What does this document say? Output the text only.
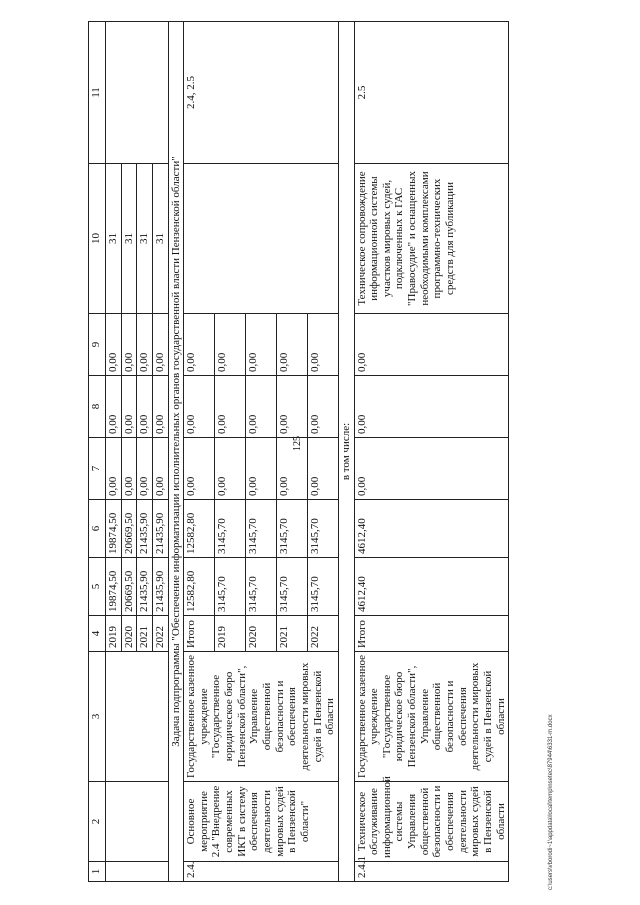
125
1	2	3	4	5	6	7	8	9	10	11
			2019	19874,50	19874,50	0,00	0,00	0,00	31	
			2020	20669,50	20669,50	0,00	0,00	0,00	31	
			2021	21435,90	21435,90	0,00	0,00	0,00	31	
			2022	21435,90	21435,90	0,00	0,00	0,00	31	
Задача подпрограммы "Обеспечение информатизации исполнительных органов государственной власти Пензенской области"										
2.4.	Основное мероприятие 2.4 "Внедрение современных ИКТ в систему обеспечения деятельности мировых судей в Пензенской области"	Государственное казенное учреждение "Государственное юридическое бюро Пензенской области", Управление общественной безопасности и обеспечения деятельности мировых судей в Пензенской области	Итого	12582,80	12582,80	0,00	0,00	0,00		2.4, 2.5
			2019	3145,70	3145,70	0,00	0,00	0,00		
			2020	3145,70	3145,70	0,00	0,00	0,00		
			2021	3145,70	3145,70	0,00	0,00	0,00		
			2022	3145,70	3145,70	0,00	0,00	0,00		
в том числе:										
2.4.1	Техническое обслуживание информационной системы Управления общественной безопасности и обеспечения деятельности мировых судей в Пензенской области	Государственное казенное учреждение "Государственное юридическое бюро Пензенской области", Управление общественной безопасности и обеспечения деятельности мировых судей в Пензенской области	Итого	4612,40	4612,40	0,00	0,00	0,00	Техническое сопровождение информационной системы участков мировых судей, подключенных к ГАС "Правосудие" и оснащенных необходимыми комплексами программно-технических средств для публикации	2.5
c:\users\vborodi~1\appdata\local\temp\nsetec\87944\6331-m.docx
